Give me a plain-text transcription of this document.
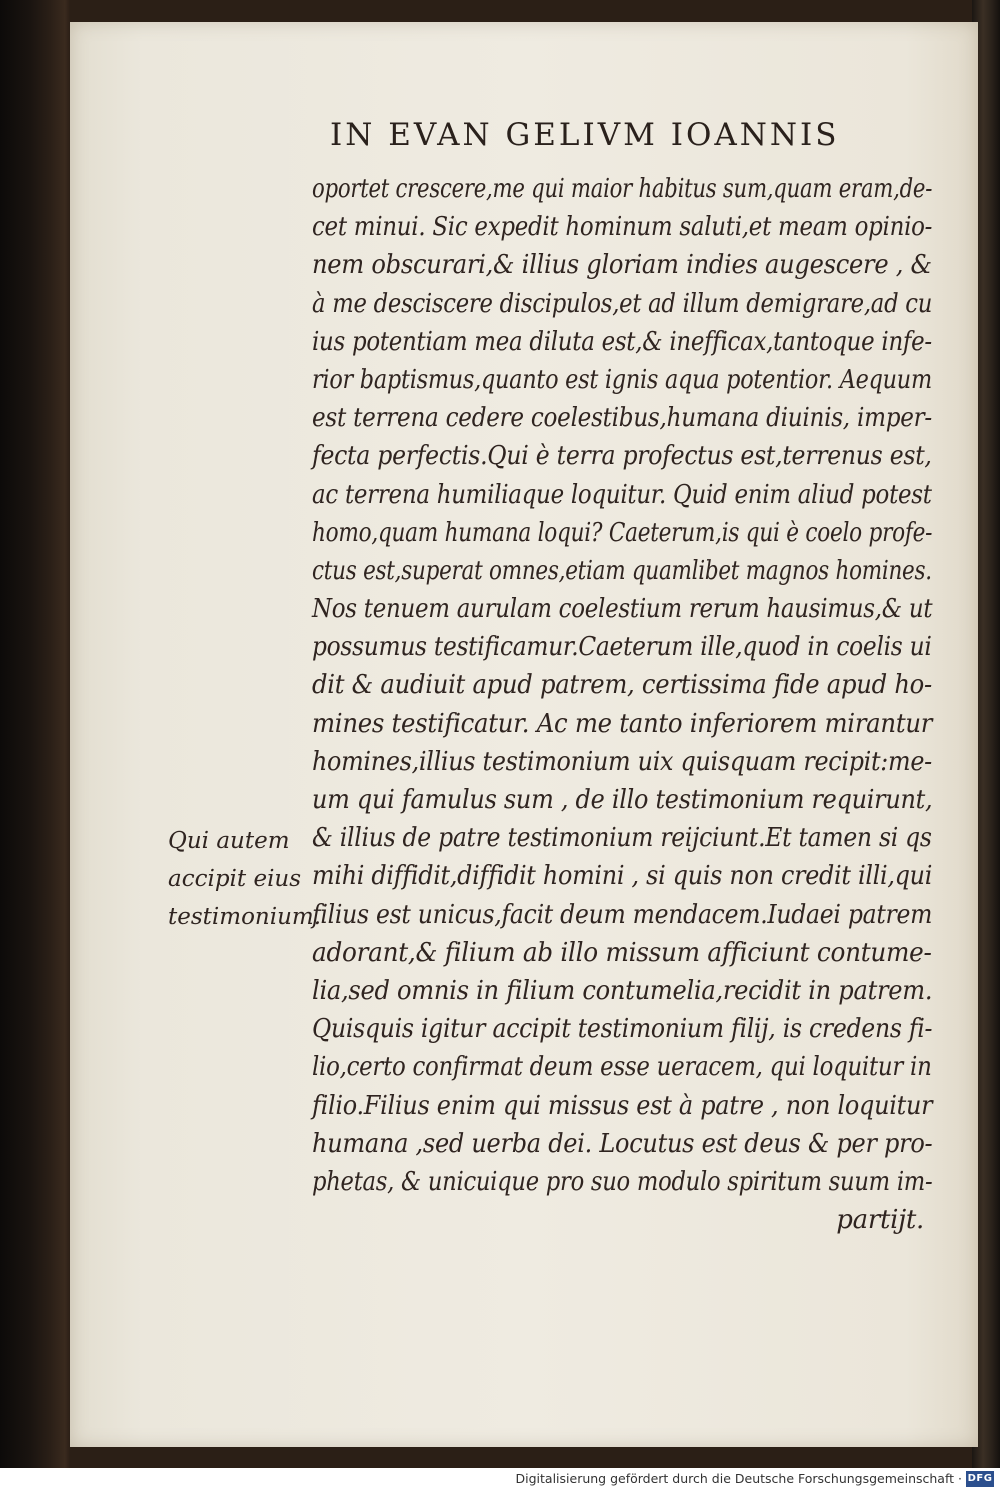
IN EVAN GELIVM IOANNIS
oportet crescere,me qui maior habitus sum,quam eram,de-
cet minui. Sic expedit hominum saluti,et meam opinio-
nem obscurari,& illius gloriam indies augescere , &
à me desciscere discipulos,et ad illum demigrare,ad cu
ius potentiam mea diluta est,& inefficax,tantoque infe-
rior baptismus,quanto est ignis aqua potentior. Aequum
est terrena cedere coelestibus,humana diuinis, imper-
fecta perfectis.Qui è terra profectus est,terrenus est,
ac terrena humiliaque loquitur. Quid enim aliud potest
homo,quam humana loqui? Caeterum,is qui è coelo profe-
ctus est,superat omnes,etiam quamlibet magnos homines.
Nos tenuem aurulam coelestium rerum hausimus,& ut
possumus testificamur.Caeterum ille,quod in coelis ui
dit & audiuit apud patrem, certissima fide apud ho-
mines testificatur. Ac me tanto inferiorem mirantur
homines,illius testimonium uix quisquam recipit:me-
um qui famulus sum , de illo testimonium requirunt,
& illius de patre testimonium reijciunt.Et tamen si qs
mihi diffidit,diffidit homini , si quis non credit illi,qui
filius est unicus,facit deum mendacem.Iudaei patrem
adorant,& filium ab illo missum afficiunt contume-
lia,sed omnis in filium contumelia,recidit in patrem.
Quisquis igitur accipit testimonium filij, is credens fi-
lio,certo confirmat deum esse ueracem, qui loquitur in
filio.Filius enim qui missus est à patre , non loquitur
humana ,sed uerba dei. Locutus est deus & per pro-
phetas, & unicuique pro suo modulo spiritum suum im-
partijt.
Qui autem
accipit eius
testimonium.
Digitalisierung gefördert durch die Deutsche Forschungsgemeinschaft · DFG
